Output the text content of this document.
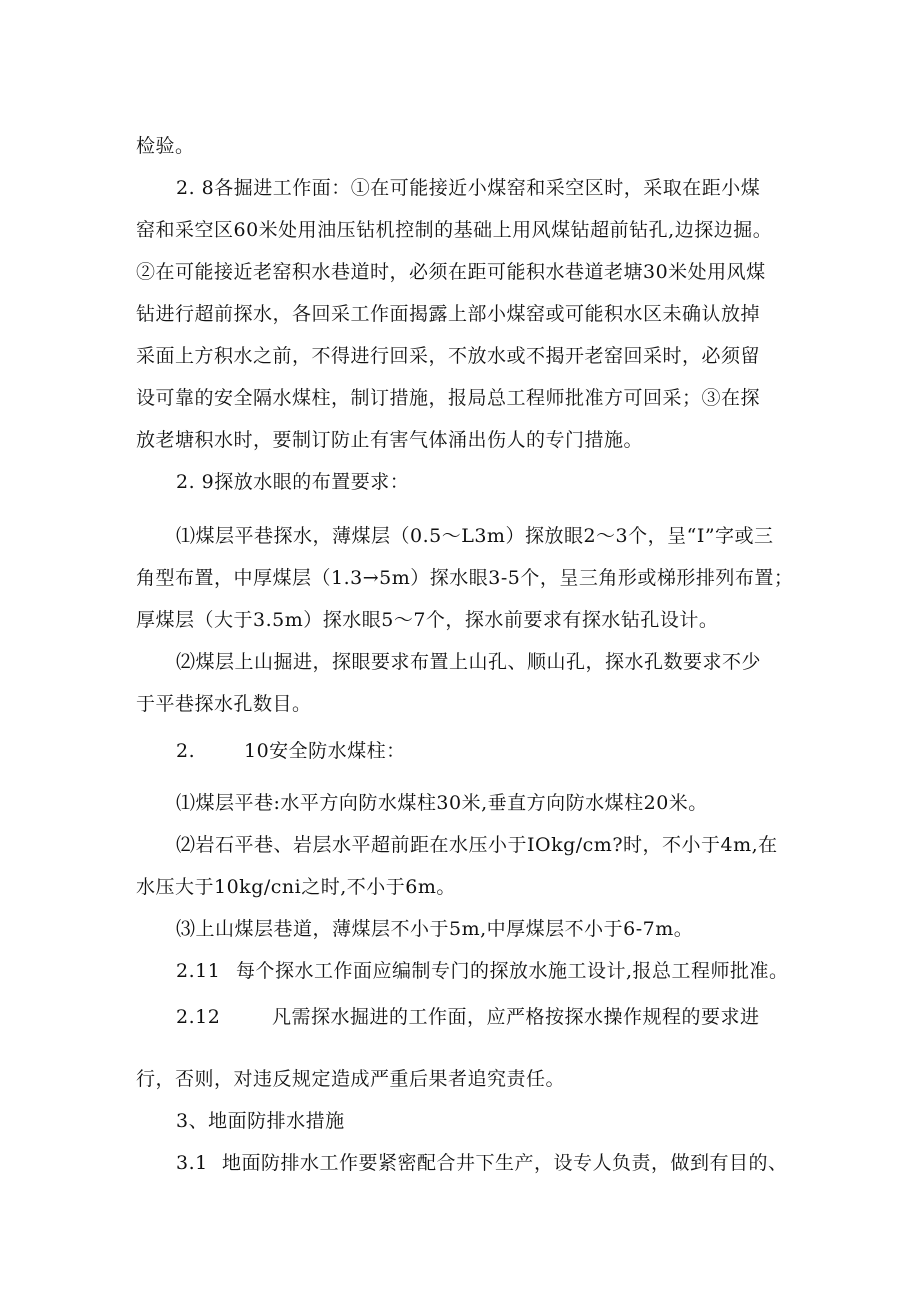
检验。
2. 8各掘进工作面：①在可能接近小煤窑和采空区时，采取在距小煤
窑和采空区60米处用油压钻机控制的基础上用风煤钻超前钻孔,边探边掘。
②在可能接近老窑积水巷道时，必须在距可能积水巷道老塘30米处用风煤
钻进行超前探水，各回采工作面揭露上部小煤窑或可能积水区未确认放掉
采面上方积水之前，不得进行回采，不放水或不揭开老窑回采时，必须留
设可靠的安全隔水煤柱，制订措施，报局总工程师批准方可回采；③在探
放老塘积水时，要制订防止有害气体涌出伤人的专门措施。
2. 9探放水眼的布置要求：
⑴煤层平巷探水，薄煤层（0.5～L3m）探放眼2～3个，呈“I”字或三
角型布置，中厚煤层（1.3→5m）探水眼3-5个，呈三角形或梯形排列布置；
厚煤层（大于3.5m）探水眼5～7个，探水前要求有探水钻孔设计。
⑵煤层上山掘进，探眼要求布置上山孔、顺山孔，探水孔数要求不少
于平巷探水孔数目。
2.	10安全防水煤柱：
⑴煤层平巷:水平方向防水煤柱30米,垂直方向防水煤柱20米。
⑵岩石平巷、岩层水平超前距在水压小于IOkg/cm?时，不小于4m,在
水压大于10kg/cni之时,不小于6m。
⑶上山煤层巷道，薄煤层不小于5m,中厚煤层不小于6-7m。
2.11 每个探水工作面应编制专门的探放水施工设计,报总工程师批准。
2.12	凡需探水掘进的工作面，应严格按探水操作规程的要求进
行，否则，对违反规定造成严重后果者追究责任。
3、地面防排水措施
3.1 地面防排水工作要紧密配合井下生产，设专人负责，做到有目的、
